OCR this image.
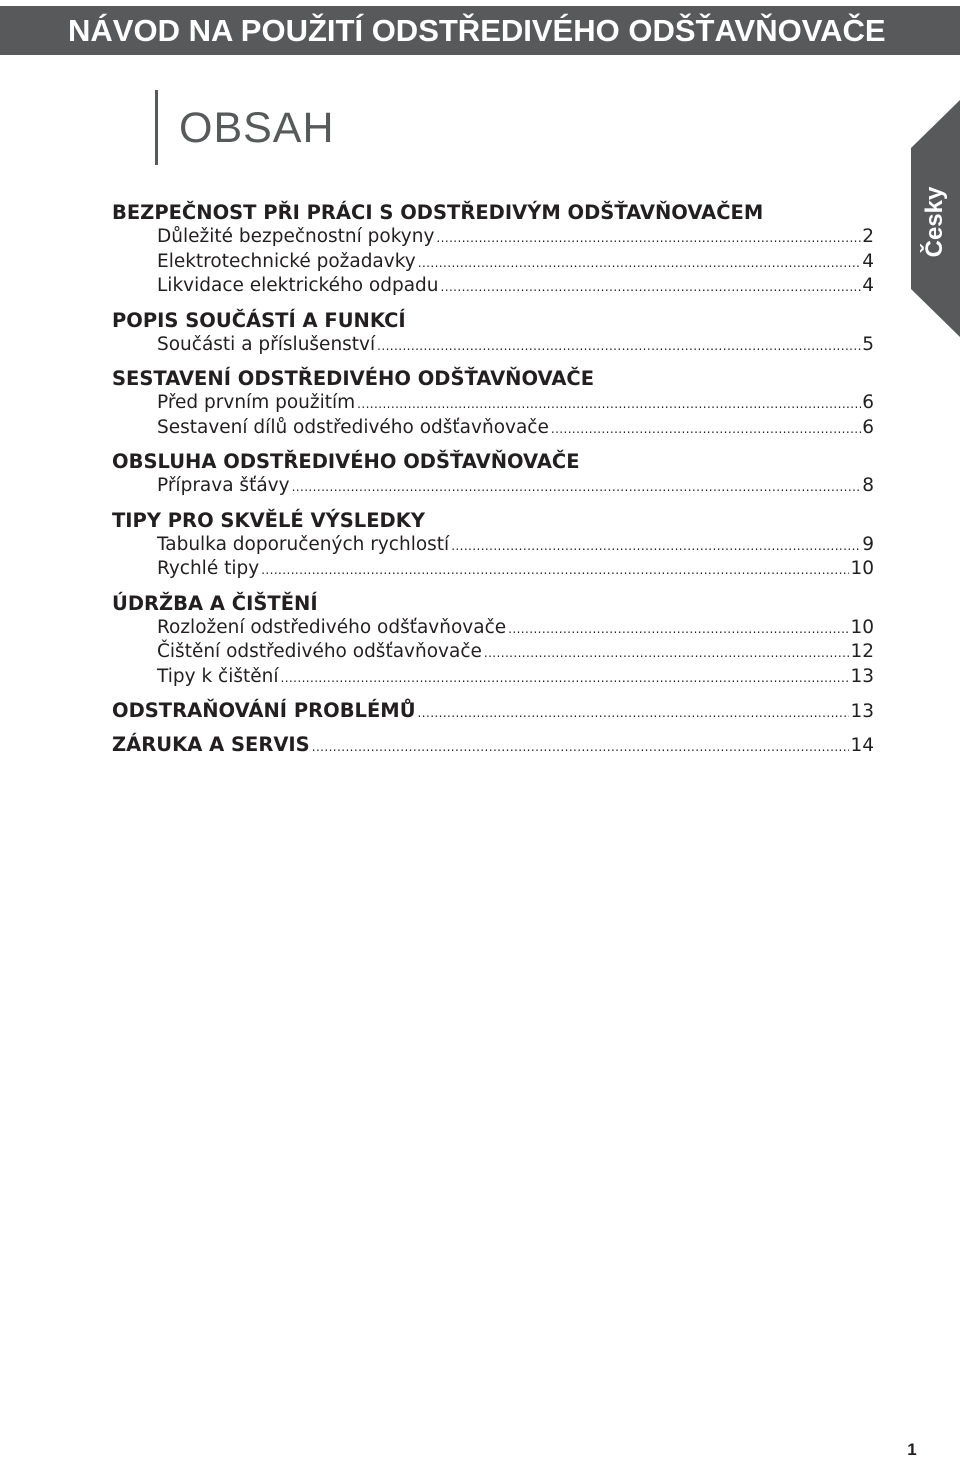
NÁVOD NA POUŽITÍ ODSTŘEDIVÉHO ODŠŤAVŇOVAČE
OBSAH
Česky
BEZPEČNOST PŘI PRÁCI S ODSTŘEDIVÝM ODŠŤAVŇOVAČEM
Důležité bezpečnostní pokyny .....	2
Elektrotechnické požadavky .....	4
Likvidace elektrického odpadu .....	4
POPIS SOUČÁSTÍ A FUNKCÍ
Součásti a příslušenství .....	5
SESTAVENÍ ODSTŘEDIVÉHO ODŠŤAVŇOVAČE
Před prvním použitím .....	6
Sestavení dílů odstředivého odšťavňovače .....	6
OBSLUHA ODSTŘEDIVÉHO ODŠŤAVŇOVAČE
Příprava šťávy .....	8
TIPY PRO SKVĚLÉ VÝSLEDKY
Tabulka doporučených rychlostí .....	9
Rychlé tipy .....	10
ÚDRŽBA A ČIŠTĚNÍ
Rozložení odstředivého odšťavňovače .....	10
Čištění odstředivého odšťavňovače .....	12
Tipy k čištění .....	13
ODSTRAŇOVÁNÍ PROBLÉMŮ .....	13
ZÁRUKA A SERVIS .....	14
1
